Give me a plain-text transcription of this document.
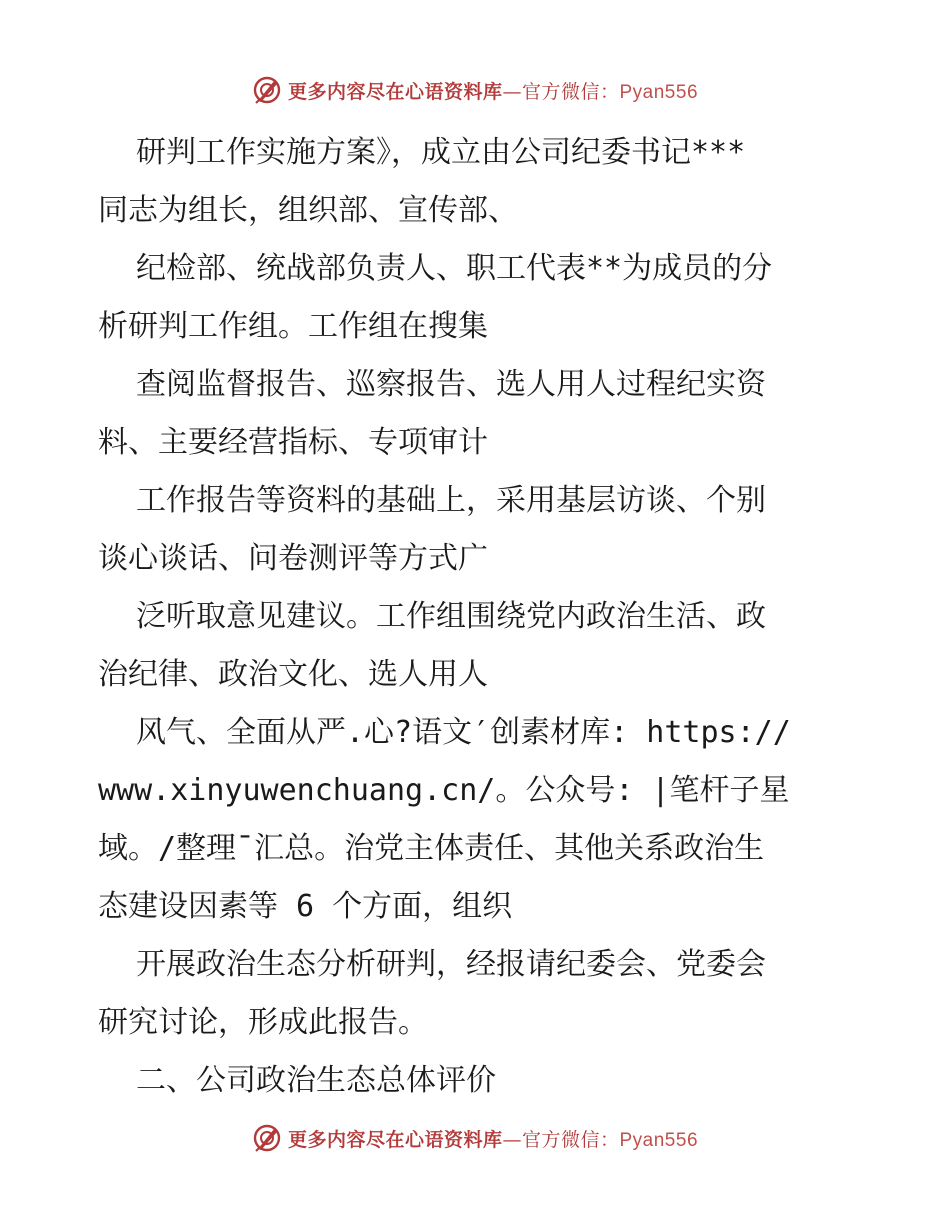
更多内容尽在心语资料库—官方微信：Pyan556
研判工作实施方案》，成立由公司纪委书记***
同志为组长，组织部、宣传部、
纪检部、统战部负责人、职工代表**为成员的分
析研判工作组。工作组在搜集
查阅监督报告、巡察报告、选人用人过程纪实资
料、主要经营指标、专项审计
工作报告等资料的基础上，采用基层访谈、个别
谈心谈话、问卷测评等方式广
泛听取意见建议。工作组围绕党内政治生活、政
治纪律、政治文化、选人用人
风气、全面从严.心?语文′创素材库: https://
www.xinyuwenchuang.cn/。公众号: |笔杆子星
域。/整理¯汇总。治党主体责任、其他关系政治生
态建设因素等 6 个方面，组织
开展政治生态分析研判，经报请纪委会、党委会
研究讨论，形成此报告。
二、公司政治生态总体评价
更多内容尽在心语资料库—官方微信：Pyan556
